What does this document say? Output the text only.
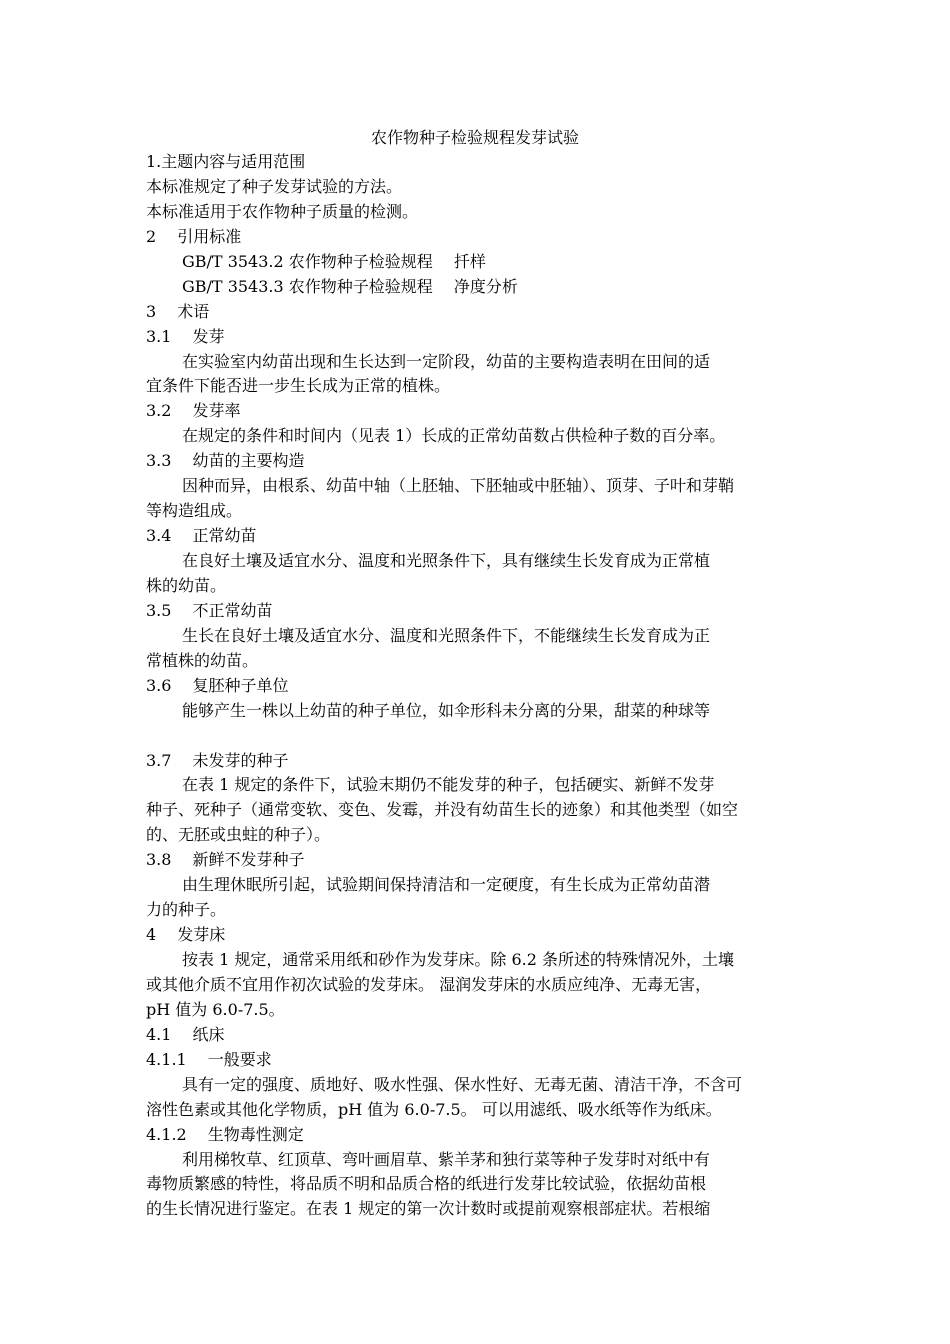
农作物种子检验规程发芽试验
1.主题内容与适用范围
本标准规定了种子发芽试验的方法。
本标准适用于农作物种子质量的检测。
2　 引用标准
GB/T 3543.2 农作物种子检验规程　 扦样
GB/T 3543.3 农作物种子检验规程　 净度分析
3　 术语
3.1　 发芽
在实验室内幼苗出现和生长达到一定阶段，幼苗的主要构造表明在田间的适
宜条件下能否进一步生长成为正常的植株。
3.2　 发芽率
在规定的条件和时间内（见表 1）长成的正常幼苗数占供检种子数的百分率。
3.3　 幼苗的主要构造
因种而异，由根系、幼苗中轴（上胚轴、下胚轴或中胚轴）、顶芽、子叶和芽鞘
等构造组成。
3.4　 正常幼苗
在良好土壤及适宜水分、温度和光照条件下，具有继续生长发育成为正常植
株的幼苗。
3.5　 不正常幼苗
生长在良好土壤及适宜水分、温度和光照条件下，不能继续生长发育成为正
常植株的幼苗。
3.6　 复胚种子单位
能够产生一株以上幼苗的种子单位，如伞形科未分离的分果，甜菜的种球等
3.7　 未发芽的种子
在表 1 规定的条件下，试验末期仍不能发芽的种子，包括硬实、新鲜不发芽
种子、死种子（通常变软、变色、发霉，并没有幼苗生长的迹象）和其他类型（如空
的、无胚或虫蛀的种子）。
3.8　 新鲜不发芽种子
由生理休眠所引起，试验期间保持清洁和一定硬度，有生长成为正常幼苗潜
力的种子。
4　 发芽床
按表 1 规定，通常采用纸和砂作为发芽床。除 6.2 条所述的特殊情况外，土壤
或其他介质不宜用作初次试验的发芽床。 湿润发芽床的水质应纯净、无毒无害，
pH 值为 6.0-7.5。
4.1　 纸床
4.1.1　 一般要求
具有一定的强度、质地好、吸水性强、保水性好、无毒无菌、清洁干净，不含可
溶性色素或其他化学物质，pH 值为 6.0-7.5。 可以用滤纸、吸水纸等作为纸床。
4.1.2　 生物毒性测定
利用梯牧草、红顶草、弯叶画眉草、紫羊茅和独行菜等种子发芽时对纸中有
毒物质繁感的特性，将品质不明和品质合格的纸进行发芽比较试验，依据幼苗根
的生长情况进行鉴定。在表 1 规定的第一次计数时或提前观察根部症状。若根缩
